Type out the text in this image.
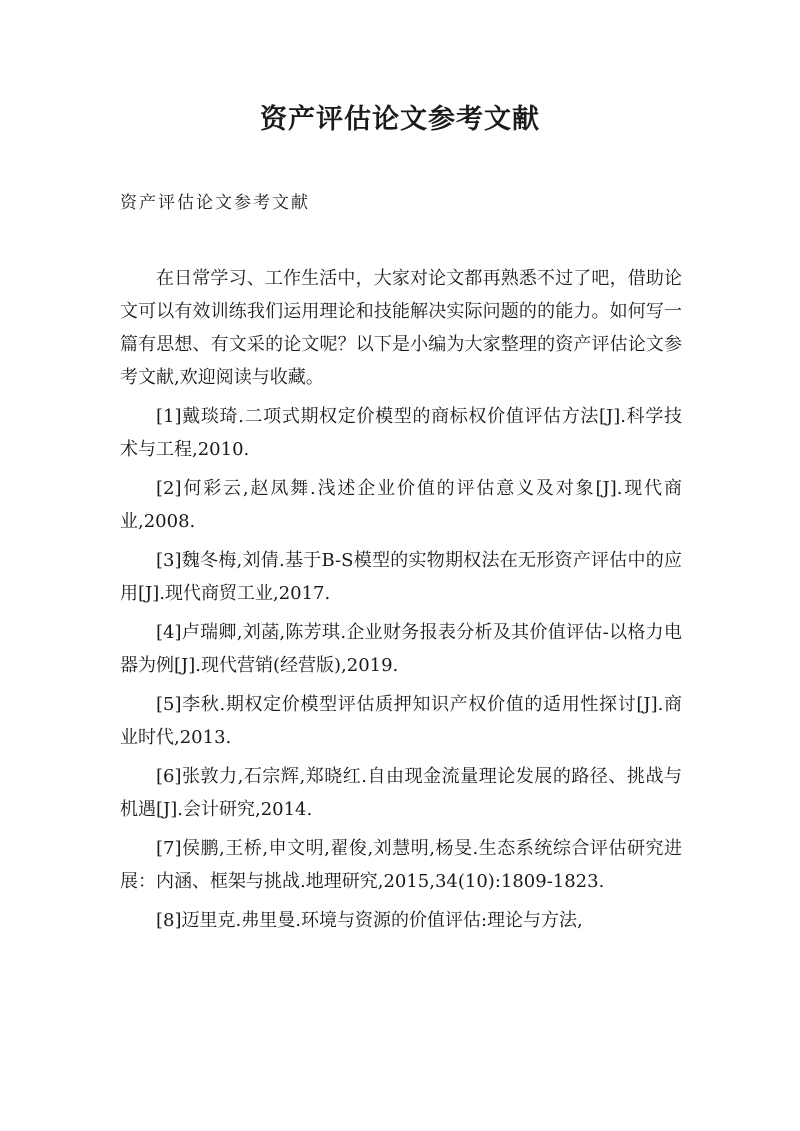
资产评估论文参考文献

资产评估论文参考文献

在日常学习、工作生活中，大家对论文都再熟悉不过了吧，借助论文可以有效训练我们运用理论和技能解决实际问题的的能力。如何写一篇有思想、有文采的论文呢？以下是小编为大家整理的资产评估论文参考文献,欢迎阅读与收藏。

[1]戴琰琦.二项式期权定价模型的商标权价值评估方法[J].科学技术与工程,2010.

[2]何彩云,赵凤舞.浅述企业价值的评估意义及对象[J].现代商业,2008.

[3]魏冬梅,刘倩.基于B-S模型的实物期权法在无形资产评估中的应用[J].现代商贸工业,2017.

[4]卢瑞卿,刘菡,陈芳琪.企业财务报表分析及其价值评估-以格力电器为例[J].现代营销(经营版),2019.

[5]李秋.期权定价模型评估质押知识产权价值的适用性探讨[J].商业时代,2013.

[6]张敦力,石宗辉,郑晓红.自由现金流量理论发展的路径、挑战与机遇[J].会计研究,2014.

[7]侯鹏,王桥,申文明,翟俊,刘慧明,杨旻.生态系统综合评估研究进展：内涵、框架与挑战.地理研究,2015,34(10):1809-1823.

[8]迈里克.弗里曼.环境与资源的价值评估:理论与方法,
